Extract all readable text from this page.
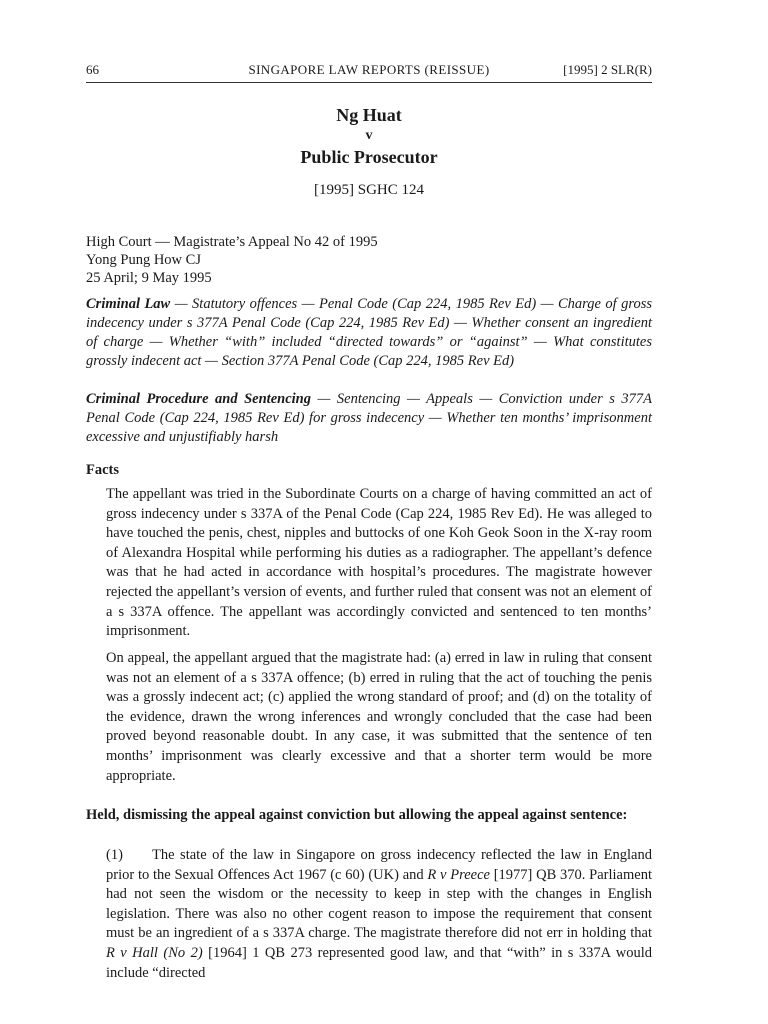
66	SINGAPORE LAW REPORTS (REISSUE)	[1995] 2 SLR(R)
Ng Huat
v
Public Prosecutor
[1995] SGHC 124
High Court — Magistrate’s Appeal No 42 of 1995
Yong Pung How CJ
25 April; 9 May 1995
Criminal Law — Statutory offences — Penal Code (Cap 224, 1985 Rev Ed) — Charge of gross indecency under s 377A Penal Code (Cap 224, 1985 Rev Ed) — Whether consent an ingredient of charge — Whether “with” included “directed towards” or “against” — What constitutes grossly indecent act — Section 377A Penal Code (Cap 224, 1985 Rev Ed)
Criminal Procedure and Sentencing — Sentencing — Appeals — Conviction under s 377A Penal Code (Cap 224, 1985 Rev Ed) for gross indecency — Whether ten months’ imprisonment excessive and unjustifiably harsh
Facts
The appellant was tried in the Subordinate Courts on a charge of having committed an act of gross indecency under s 337A of the Penal Code (Cap 224, 1985 Rev Ed). He was alleged to have touched the penis, chest, nipples and buttocks of one Koh Geok Soon in the X-ray room of Alexandra Hospital while performing his duties as a radiographer. The appellant’s defence was that he had acted in accordance with hospital’s procedures. The magistrate however rejected the appellant’s version of events, and further ruled that consent was not an element of a s 337A offence. The appellant was accordingly convicted and sentenced to ten months’ imprisonment.
On appeal, the appellant argued that the magistrate had: (a) erred in law in ruling that consent was not an element of a s 337A offence; (b) erred in ruling that the act of touching the penis was a grossly indecent act; (c) applied the wrong standard of proof; and (d) on the totality of the evidence, drawn the wrong inferences and wrongly concluded that the case had been proved beyond reasonable doubt. In any case, it was submitted that the sentence of ten months’ imprisonment was clearly excessive and that a shorter term would be more appropriate.
Held, dismissing the appeal against conviction but allowing the appeal against sentence:
(1) The state of the law in Singapore on gross indecency reflected the law in England prior to the Sexual Offences Act 1967 (c 60) (UK) and R v Preece [1977] QB 370. Parliament had not seen the wisdom or the necessity to keep in step with the changes in English legislation. There was also no other cogent reason to impose the requirement that consent must be an ingredient of a s 337A charge. The magistrate therefore did not err in holding that R v Hall (No 2) [1964] 1 QB 273 represented good law, and that “with” in s 337A would include “directed
